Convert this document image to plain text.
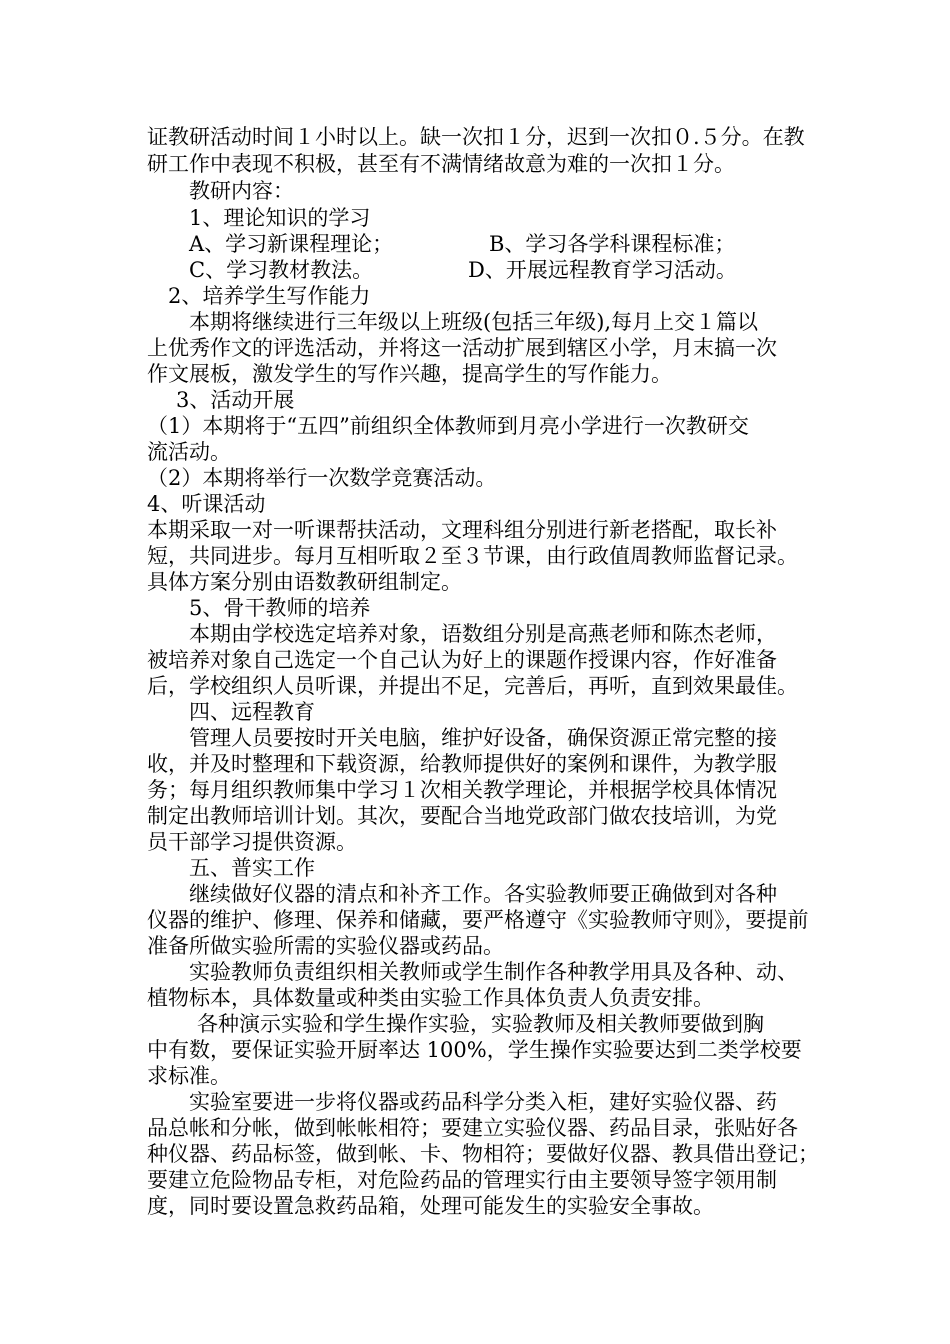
证教研活动时间１小时以上。缺一次扣１分，迟到一次扣０.５分。在教
研工作中表现不积极，甚至有不满情绪故意为难的一次扣１分。
教研内容：
1、理论知识的学习
A、学习新课程理论；	B、学习各学科课程标准；
C、学习教材教法。	D、开展远程教育学习活动。
2、培养学生写作能力
本期将继续进行三年级以上班级(包括三年级),每月上交１篇以
上优秀作文的评选活动，并将这一活动扩展到辖区小学，月末搞一次
作文展板，激发学生的写作兴趣，提高学生的写作能力。
3、活动开展
（1）本期将于“五四”前组织全体教师到月亮小学进行一次教研交
流活动。
（2）本期将举行一次数学竞赛活动。
4、听课活动
本期采取一对一听课帮扶活动，文理科组分别进行新老搭配，取长补
短，共同进步。每月互相听取２至３节课，由行政值周教师监督记录。
具体方案分别由语数教研组制定。
5、骨干教师的培养
本期由学校选定培养对象，语数组分别是高燕老师和陈杰老师，
被培养对象自己选定一个自己认为好上的课题作授课内容，作好准备
后，学校组织人员听课，并提出不足，完善后，再听，直到效果最佳。
四、远程教育
管理人员要按时开关电脑，维护好设备，确保资源正常完整的接
收，并及时整理和下载资源，给教师提供好的案例和课件，为教学服
务；每月组织教师集中学习１次相关教学理论，并根据学校具体情况
制定出教师培训计划。其次，要配合当地党政部门做农技培训，为党
员干部学习提供资源。
五、普实工作
继续做好仪器的清点和补齐工作。各实验教师要正确做到对各种
仪器的维护、修理、保养和储藏，要严格遵守《实验教师守则》，要提前
准备所做实验所需的实验仪器或药品。
实验教师负责组织相关教师或学生制作各种教学用具及各种、动、
植物标本，具体数量或种类由实验工作具体负责人负责安排。
各种演示实验和学生操作实验，实验教师及相关教师要做到胸
中有数，要保证实验开厨率达 100%，学生操作实验要达到二类学校要
求标准。
实验室要进一步将仪器或药品科学分类入柜，建好实验仪器、药
品总帐和分帐，做到帐帐相符；要建立实验仪器、药品目录，张贴好各
种仪器、药品标签，做到帐、卡、物相符；要做好仪器、教具借出登记；
要建立危险物品专柜，对危险药品的管理实行由主要领导签字领用制
度，同时要设置急救药品箱，处理可能发生的实验安全事故。
